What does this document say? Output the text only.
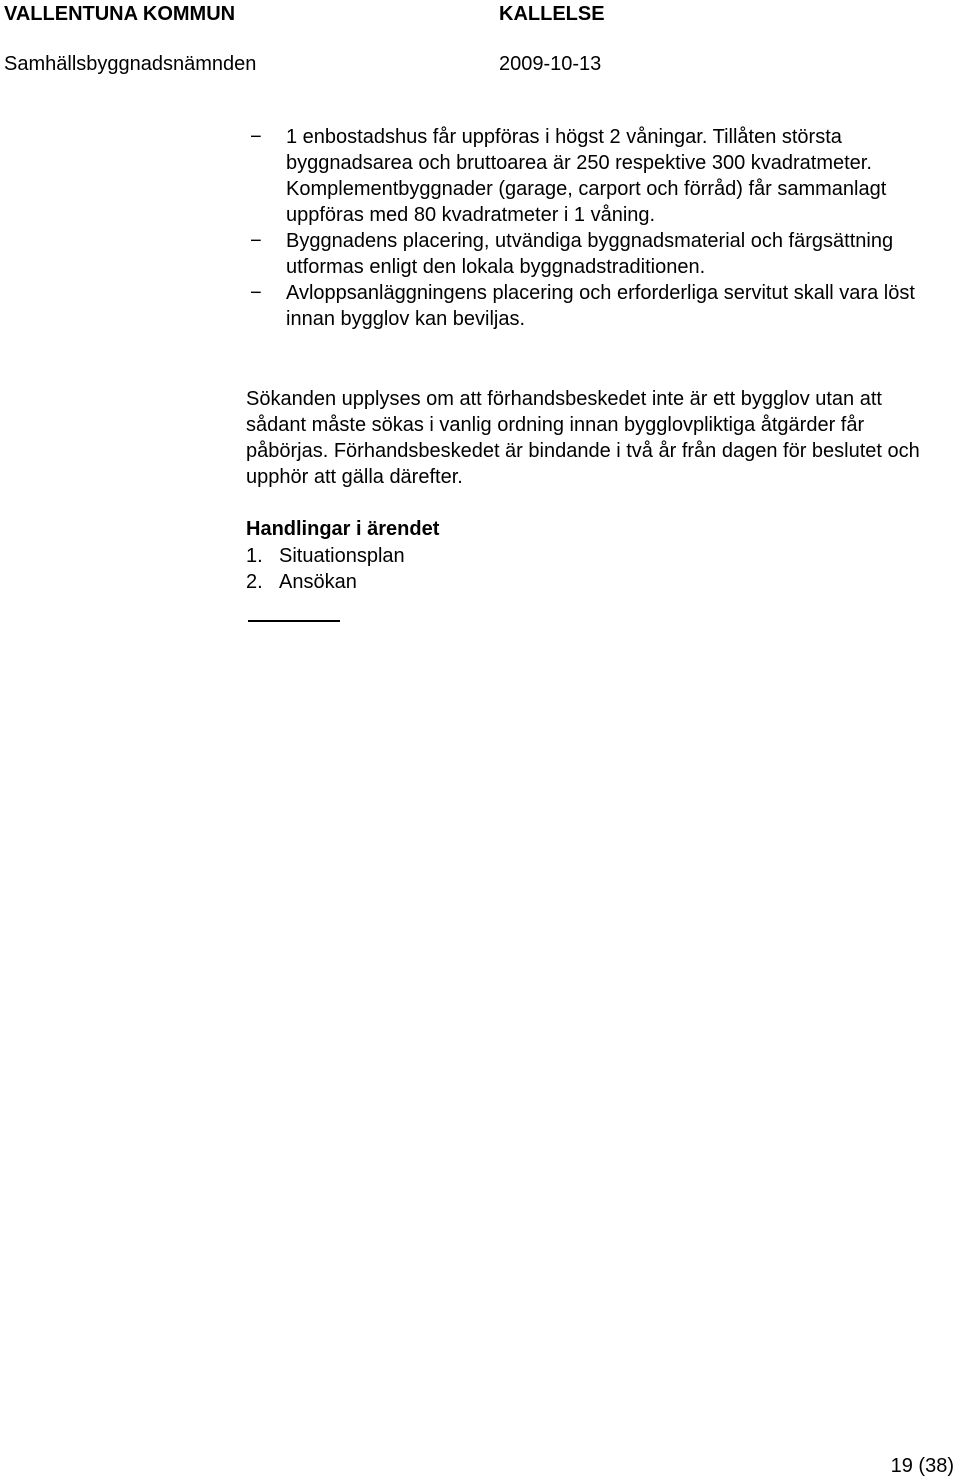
VALLENTUNA KOMMUN	KALLELSE
Samhällsbyggnadsnämnden	2009-10-13
− 1 enbostadshus får uppföras i högst 2 våningar. Tillåten största byggnadsarea och bruttoarea är 250 respektive 300 kvadratmeter. Komplementbyggnader (garage, carport och förråd) får sammanlagt uppföras med 80 kvadratmeter i 1 våning.
− Byggnadens placering, utvändiga byggnadsmaterial och färgsättning utformas enligt den lokala byggnadstraditionen.
− Avloppsanläggningens placering och erforderliga servitut skall vara löst innan bygglov kan beviljas.

Sökanden upplyses om att förhandsbeskedet inte är ett bygglov utan att sådant måste sökas i vanlig ordning innan bygglovpliktiga åtgärder får påbörjas. Förhandsbeskedet är bindande i två år från dagen för beslutet och upphör att gälla därefter.

Handlingar i ärendet
1. Situationsplan
2. Ansökan
19 (38)
